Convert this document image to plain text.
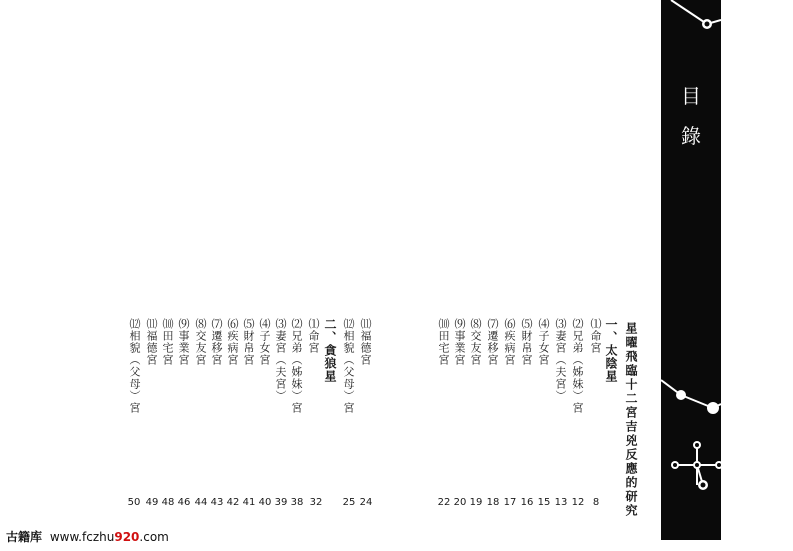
目
錄
星曜飛臨十二宮吉兇反應的研究
一、太陰星
⑴命宮
8
⑵兄弟︵姊妹︶宮
12
⑶妻宮︵夫宮︶
13
⑷子女宮
15
⑸財帛宮
16
⑹疾病宮
17
⑺遷移宮
18
⑻交友宮
19
⑼事業宮
20
⑽田宅宮
22
⑾福德宮
24
⑿相貌︵父母︶宮
25
二、貪狼星
⑴命宮
32
⑵兄弟︵姊妹︶宮
38
⑶妻宮︵夫宮︶
39
⑷子女宮
40
⑸財帛宮
41
⑹疾病宮
42
⑺遷移宮
43
⑻交友宮
44
⑼事業宮
46
⑽田宅宮
48
⑾福德宮
49
⑿相貌︵父母︶宮
50
古籍库 www.fczhu920.com
